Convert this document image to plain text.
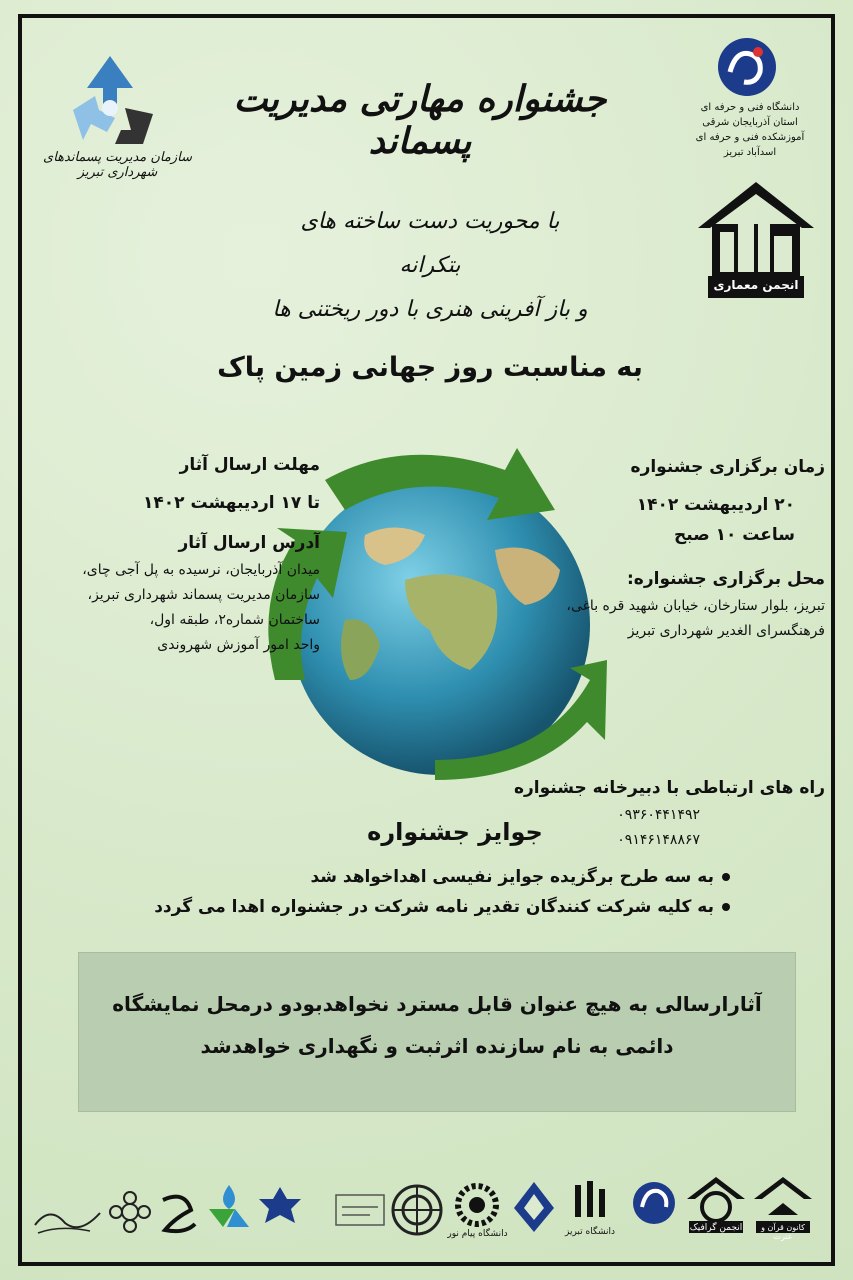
سازمان مدیریت پسماندهای شهرداری تبریز
دانشگاه فنی و حرفه ای
استان آذربایجان شرقی
آموزشکده فنی و حرفه ای اسدآباد تبریز
انجمن معماری
جشنواره مهارتی مدیریت پسماند
با محوریت دست ساخته های بتکرانه
و باز آفرینی هنری با دور ریختنی ها
به مناسبت روز جهانی زمین پاک
مهلت ارسال آثار
تا ۱۷ اردیبهشت ۱۴۰۲
آدرس ارسال آثار
میدان آذربایجان، نرسیده به پل آجی چای،
سازمان مدیریت پسماند شهرداری تبریز،
ساختمان شماره۲، طبقه اول،
واحد امور آموزش شهروندی
زمان برگزاری جشنواره
۲۰ اردیبهشت ۱۴۰۲
ساعت ۱۰ صبح
محل برگزاری جشنواره:
تبریز، بلوار ستارخان، خیابان شهید قره باغی،
فرهنگسرای الغدیر شهرداری تبریز
راه های ارتباطی با دبیرخانه جشنواره
۰۹۳۶۰۴۴۱۴۹۲
۰۹۱۴۶۱۴۸۸۶۷
جوایز جشنواره
به سه طرح برگزیده جوایز نفیسی اهداخواهد شد
به کلیه شرکت کنندگان تقدیر نامه شرکت در جشنواره اهدا می گردد
آثارارسالی به هیچ عنوان قابل مسترد نخواهدبودو درمحل نمایشگاه
دائمی به نام سازنده اثرثبت و نگهداری خواهدشد
دانشگاه پیام نور	دانشگاه تبریز	انجمن گرافیک	کانون قرآن و عترت
